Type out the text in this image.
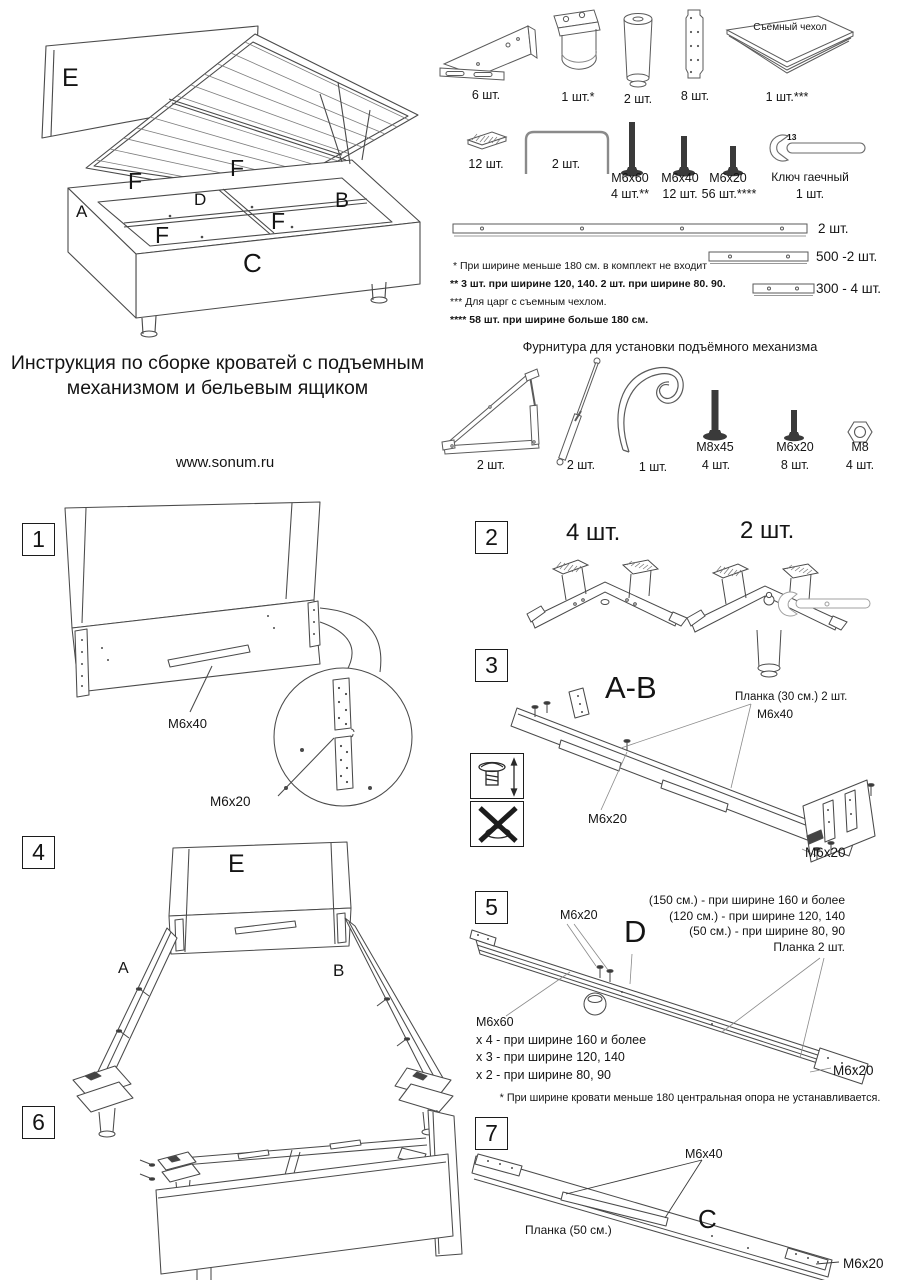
E
F	F
F
F
D
A	B
C
6 шт.	1 шт.*	2 шт.	8 шт.
Съемный чехол
1 шт.***
12 шт.	2 шт.
M6x60
4 шт.**
M6x40
12 шт.
M6x20
56 шт.****
13
Ключ гаечный
1 шт.
2 шт.
500 -2 шт.
300 - 4 шт.
* При ширине меньше 180 см. в комплект не входит
** 3 шт. при ширине 120, 140. 2 шт. при ширине 80. 90.
*** Для царг с съемным чехлом.
**** 58 шт. при ширине больше 180 см.
Инструкция по сборке кроватей с подъемным
механизмом и бельевым ящиком
www.sonum.ru
Фурнитура для установки подъёмного механизма
2 шт.	2 шт.	1 шт.
M8x45
4 шт.
M6x20
8 шт.
M8
4 шт.
1
M6x40
M6x20
2	4 шт.	2 шт.
3
A-B	Планка (30 см.) 2 шт.
M6x40
M6x20
M6x20
4	E
A	B
5	M6x20 D
(150 см.) - при ширине 160 и более
(120 см.) - при ширине 120, 140
(50 см.) - при ширине 80, 90
Планка 2 шт.
M6x60
x 4 - при ширине 160 и более
x 3 - при ширине 120, 140
x 2 - при ширине 80, 90	M6x20
* При ширине кровати меньше 180 центральная опора не устанавливается.
6	7
M6x40
Планка (50 см.)	C
M6x20
